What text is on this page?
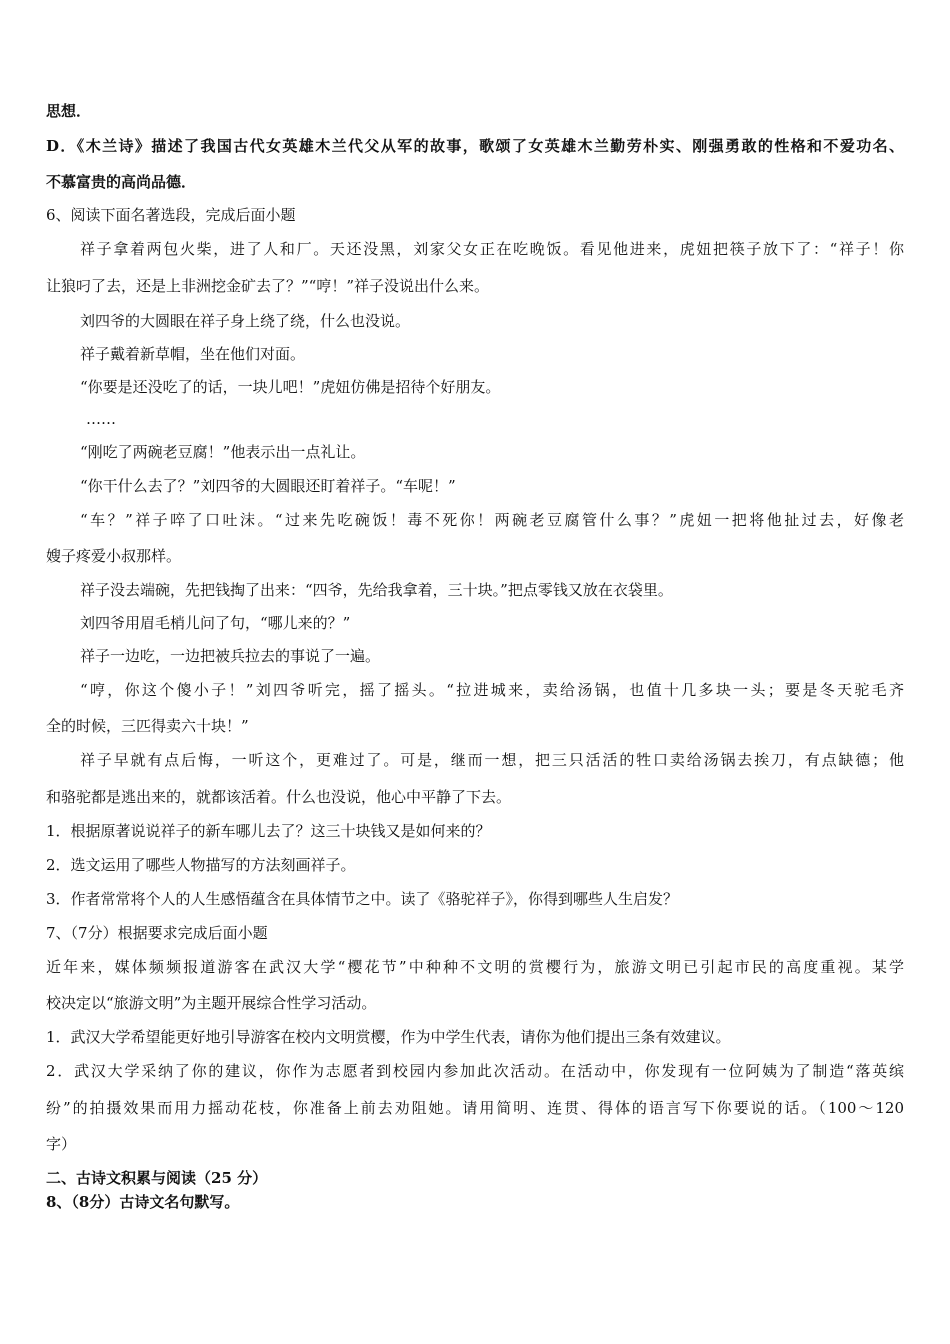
思想．
D．《木兰诗》描述了我国古代女英雄木兰代父从军的故事，歌颂了女英雄木兰勤劳朴实、刚强勇敢的性格和不爱功名、
不慕富贵的高尚品德．
6、阅读下面名著选段，完成后面小题
祥子拿着两包火柴，进了人和厂。天还没黑，刘家父女正在吃晚饭。看见他进来，虎妞把筷子放下了：“祥子！你
让狼叼了去，还是上非洲挖金矿去了？”“哼！”祥子没说出什么来。
刘四爷的大圆眼在祥子身上绕了绕，什么也没说。
祥子戴着新草帽，坐在他们对面。
“你要是还没吃了的话，一块儿吧！”虎妞仿佛是招待个好朋友。
……
“刚吃了两碗老豆腐！”他表示出一点礼让。
“你干什么去了？”刘四爷的大圆眼还盯着祥子。“车呢！”
“车？”祥子啐了口吐沫。“过来先吃碗饭！毒不死你！两碗老豆腐管什么事？”虎妞一把将他扯过去，好像老
嫂子疼爱小叔那样。
祥子没去端碗，先把钱掏了出来：“四爷，先给我拿着，三十块。”把点零钱又放在衣袋里。
刘四爷用眉毛梢儿问了句，“哪儿来的？”
祥子一边吃，一边把被兵拉去的事说了一遍。
“哼，你这个傻小子！”刘四爷听完，摇了摇头。“拉进城来，卖给汤锅，也值十几多块一头；要是冬天驼毛齐
全的时候，三匹得卖六十块！”
祥子早就有点后悔，一听这个，更难过了。可是，继而一想，把三只活活的牲口卖给汤锅去挨刀，有点缺德；他
和骆驼都是逃出来的，就都该活着。什么也没说，他心中平静了下去。
1．根据原著说说祥子的新车哪儿去了？这三十块钱又是如何来的？
2．选文运用了哪些人物描写的方法刻画祥子。
3．作者常常将个人的人生感悟蕴含在具体情节之中。读了《骆驼祥子》，你得到哪些人生启发？
7、（7分）根据要求完成后面小题
近年来，媒体频频报道游客在武汉大学“樱花节”中种种不文明的赏樱行为，旅游文明已引起市民的高度重视。某学
校决定以“旅游文明”为主题开展综合性学习活动。
1．武汉大学希望能更好地引导游客在校内文明赏樱，作为中学生代表，请你为他们提出三条有效建议。
2．武汉大学采纳了你的建议，你作为志愿者到校园内参加此次活动。在活动中，你发现有一位阿姨为了制造“落英缤
纷”的拍摄效果而用力摇动花枝，你准备上前去劝阻她。请用简明、连贯、得体的语言写下你要说的话。（100～120
字）
二、古诗文积累与阅读（25 分）
8、（8分）古诗文名句默写。
